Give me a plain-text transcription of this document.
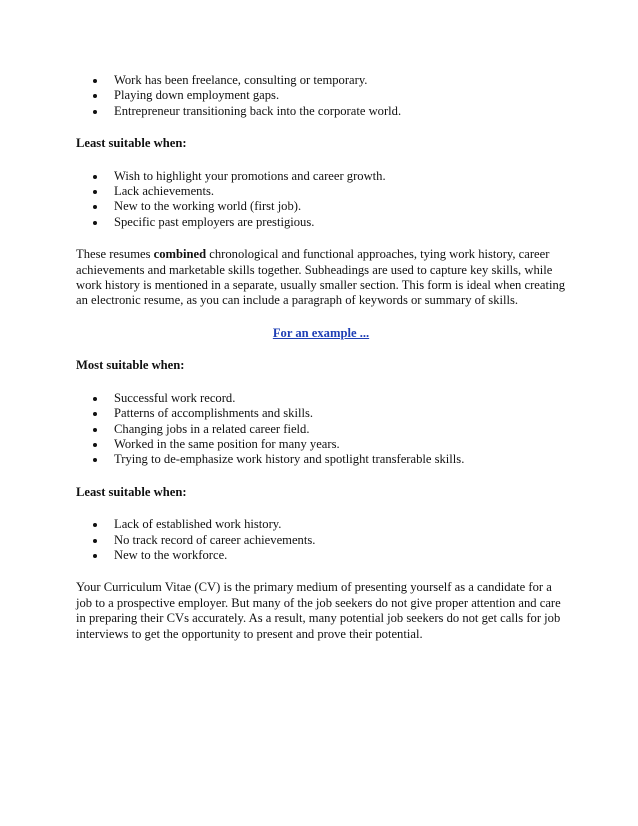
Work has been freelance, consulting or temporary.
Playing down employment gaps.
Entrepreneur transitioning back into the corporate world.

Least suitable when:

Wish to highlight your promotions and career growth.
Lack achievements.
New to the working world (first job).
Specific past employers are prestigious.

These resumes combined chronological and functional approaches, tying work history, career achievements and marketable skills together. Subheadings are used to capture key skills, while work history is mentioned in a separate, usually smaller section. This form is ideal when creating an electronic resume, as you can include a paragraph of keywords or summary of skills.

For an example ...

Most suitable when:

Successful work record.
Patterns of accomplishments and skills.
Changing jobs in a related career field.
Worked in the same position for many years.
Trying to de-emphasize work history and spotlight transferable skills.

Least suitable when:

Lack of established work history.
No track record of career achievements.
New to the workforce.

Your Curriculum Vitae (CV) is the primary medium of presenting yourself as a candidate for a job to a prospective employer. But many of the job seekers do not give proper attention and care in preparing their CVs accurately. As a result, many potential job seekers do not get calls for job interviews to get the opportunity to present and prove their potential.
